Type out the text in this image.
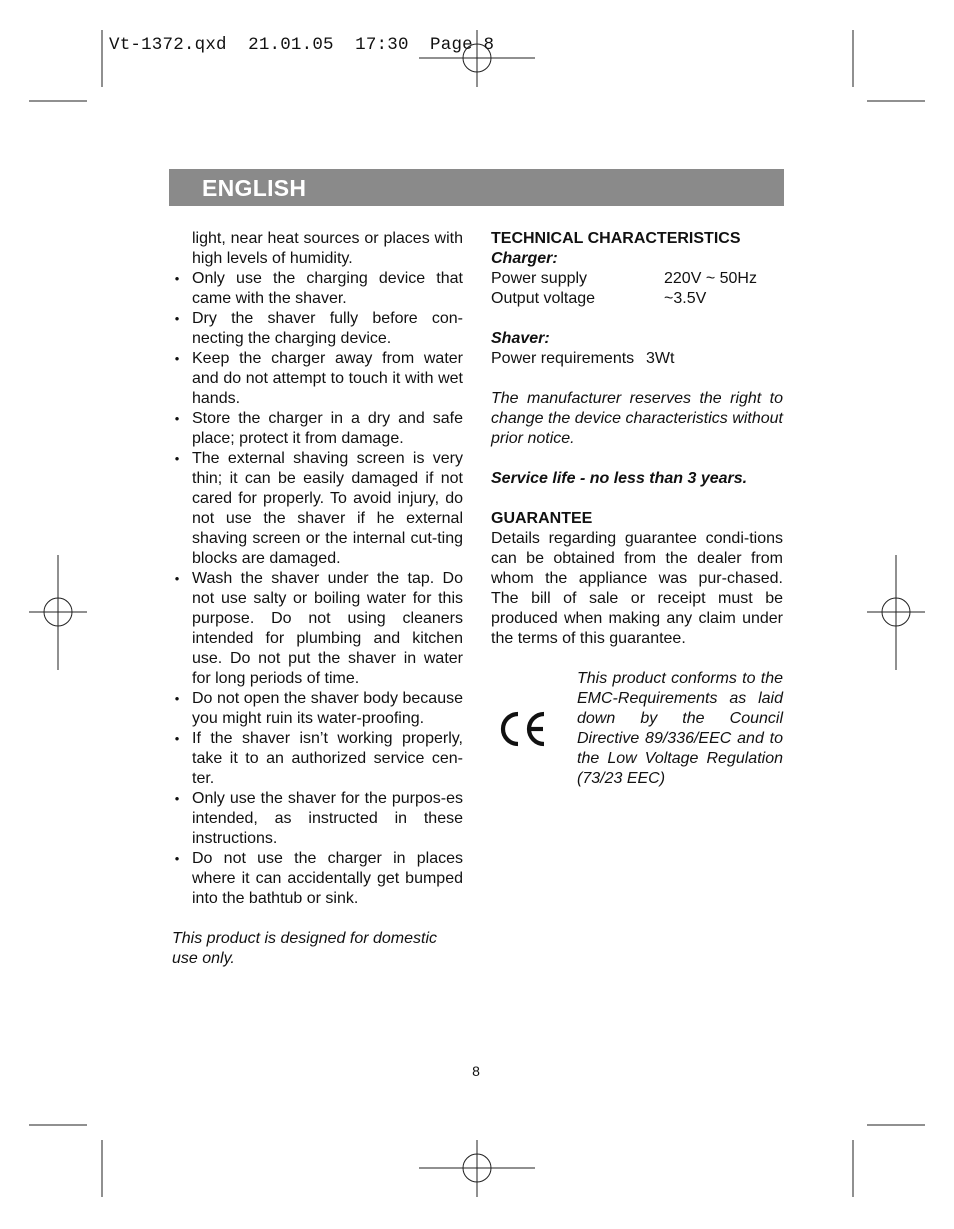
Vt-1372.qxd  21.01.05  17:30  Page 8
ENGLISH
light, near heat sources or places with high levels of humidity.
• Only use the charging device that came with the shaver.
• Dry the shaver fully before con-necting the charging device.
• Keep the charger away from water and do not attempt to touch it with wet hands.
• Store the charger in a dry and safe place; protect it from damage.
• The external shaving screen is very thin; it can be easily damaged if not cared for properly. To avoid injury, do not use the shaver if he external shaving screen or the internal cut-ting blocks are damaged.
• Wash the shaver under the tap. Do not use salty or boiling water for this purpose. Do not using cleaners intended for plumbing and kitchen use. Do not put the shaver in water for long periods of time.
• Do not open the shaver body because you might ruin its water-proofing.
• If the shaver isn’t working properly, take it to an authorized service cen-ter.
• Only use the shaver for the purpos-es intended, as instructed in these instructions.
• Do not use the charger in places where it can accidentally get bumped into the bathtub or sink.
This product is designed for domestic use only.
TECHNICAL CHARACTERISTICS
Charger:
Power supply	220V ~ 50Hz
Output voltage	~3.5V
Shaver:
Power requirements 3Wt
The manufacturer reserves the right to change the device characteristics without prior notice.
Service life - no less than 3 years.
GUARANTEE
Details regarding guarantee condi-tions can be obtained from the dealer from whom the appliance was pur-chased. The bill of sale or receipt must be produced when making any claim under the terms of this guarantee.
This product conforms to the EMC-Requirements as laid down by the Council Directive 89/336/EEC and to the Low Voltage Regulation (73/23 EEC)
8
